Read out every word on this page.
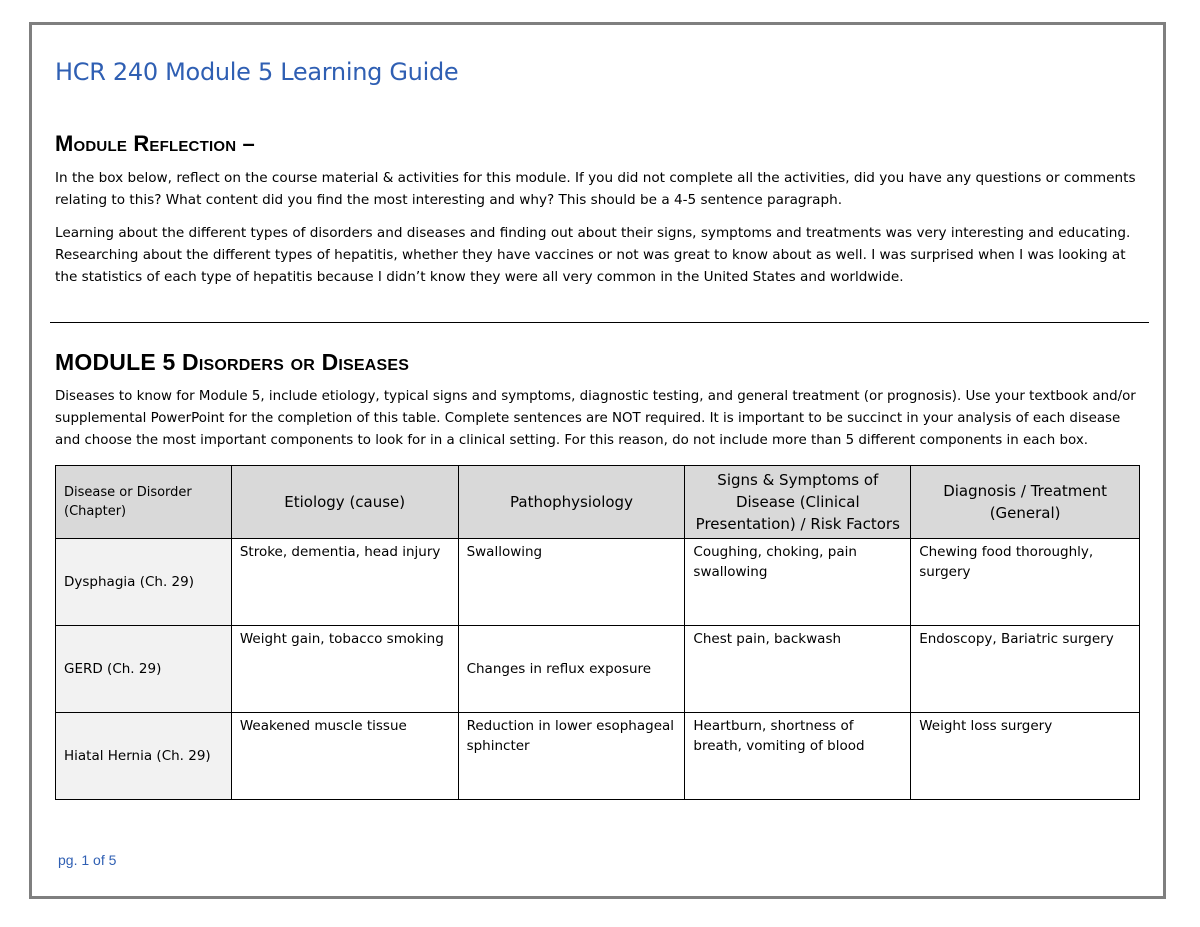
HCR 240 Module 5 Learning Guide
Module Reflection –

In the box below, reflect on the course material & activities for this module. If you did not complete all the activities, did you have any questions or comments relating to this? What content did you find the most interesting and why? This should be a 4-5 sentence paragraph.

Learning about the different types of disorders and diseases and finding out about their signs, symptoms and treatments was very interesting and educating. Researching about the different types of hepatitis, whether they have vaccines or not was great to know about as well. I was surprised when I was looking at the statistics of each type of hepatitis because I didn’t know they were all very common in the United States and worldwide.

MODULE 5 Disorders or Diseases

Diseases to know for Module 5, include etiology, typical signs and symptoms, diagnostic testing, and general treatment (or prognosis). Use your textbook and/or supplemental PowerPoint for the completion of this table. Complete sentences are NOT required. It is important to be succinct in your analysis of each disease and choose the most important components to look for in a clinical setting. For this reason, do not include more than 5 different components in each box.

Disease or Disorder (Chapter)	Etiology (cause)	Pathophysiology	Signs & Symptoms of Disease (Clinical Presentation) / Risk Factors	Diagnosis / Treatment (General)
Dysphagia (Ch. 29)	Stroke, dementia, head injury	Swallowing	Coughing, choking, pain swallowing	Chewing food thoroughly, surgery
GERD (Ch. 29)	Weight gain, tobacco smoking	Changes in reflux exposure	Chest pain, backwash	Endoscopy, Bariatric surgery
Hiatal Hernia (Ch. 29)	Weakened muscle tissue	Reduction in lower esophageal sphincter	Heartburn, shortness of breath, vomiting of blood	Weight loss surgery
pg. 1 of 5
